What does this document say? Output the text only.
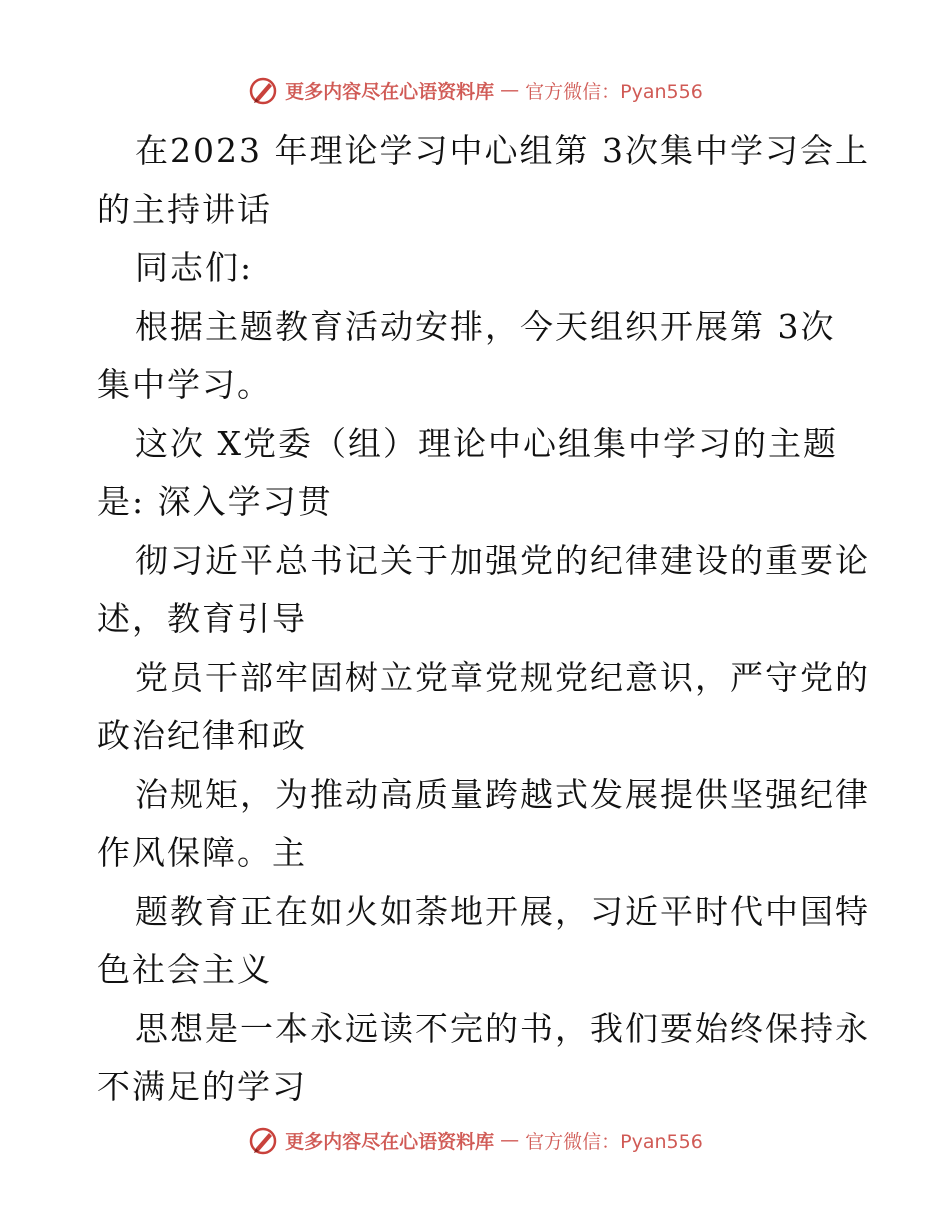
更多内容尽在心语资料库 — 官方微信：Pyan556
在2023 年理论学习中心组第 3次集中学习会上
的主持讲话
同志们:
根据主题教育活动安排，今天组织开展第 3次
集中学习。
这次 X党委（组）理论中心组集中学习的主题
是: 深入学习贯
彻习近平总书记关于加强党的纪律建设的重要论
述，教育引导
党员干部牢固树立党章党规党纪意识，严守党的
政治纪律和政
治规矩，为推动高质量跨越式发展提供坚强纪律
作风保障。主
题教育正在如火如荼地开展，习近平时代中国特
色社会主义
思想是一本永远读不完的书，我们要始终保持永
不满足的学习
更多内容尽在心语资料库 — 官方微信：Pyan556
